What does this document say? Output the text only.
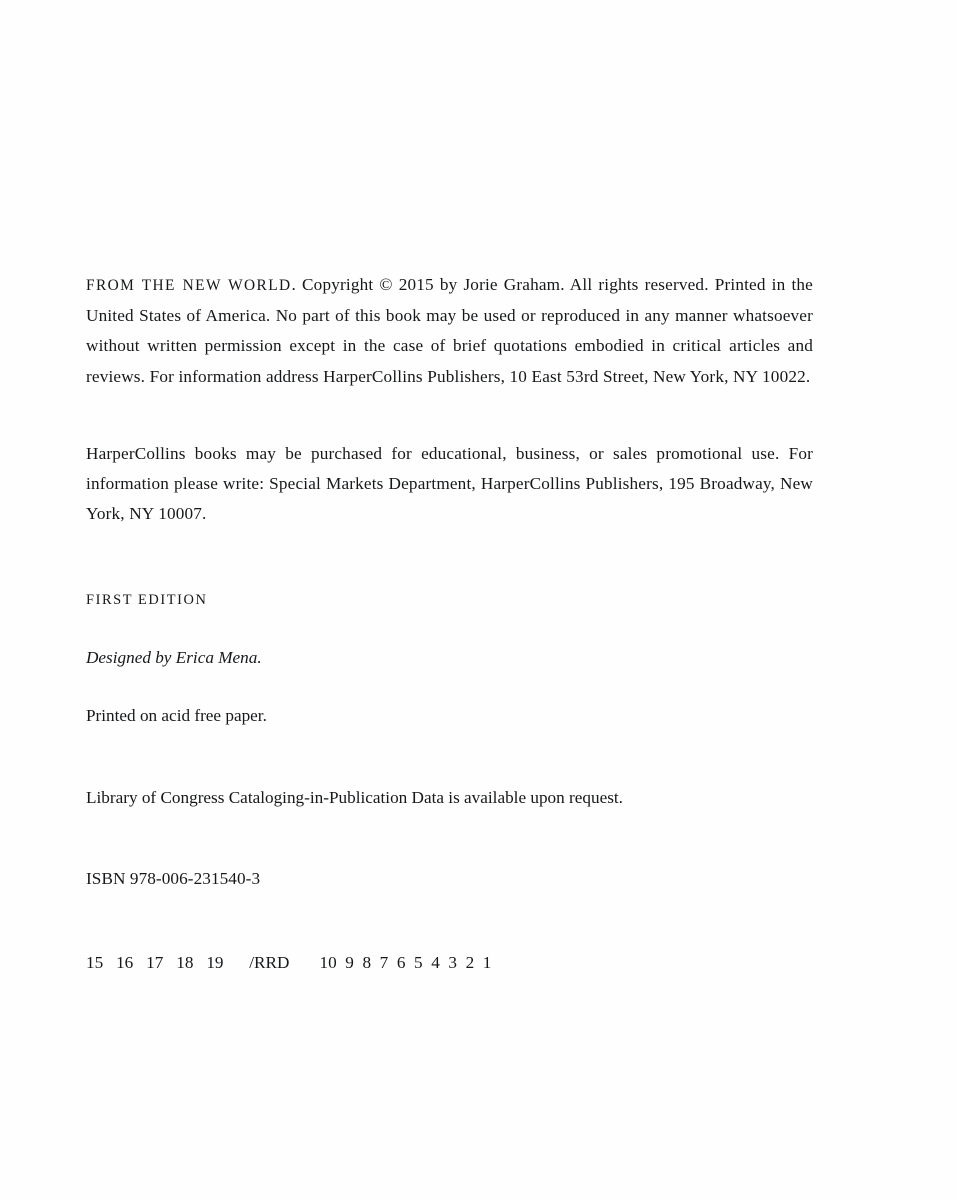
FROM THE NEW WORLD. Copyright © 2015 by Jorie Graham. All rights reserved. Printed in the United States of America. No part of this book may be used or reproduced in any manner whatsoever without written permission except in the case of brief quotations embodied in critical articles and reviews. For information address HarperCollins Publishers, 10 East 53rd Street, New York, NY 10022.

HarperCollins books may be purchased for educational, business, or sales promotional use. For information please write: Special Markets Department, HarperCollins Publishers, 195 Broadway, New York, NY 10007.

FIRST EDITION
Designed by Erica Mena.
Printed on acid free paper.
Library of Congress Cataloging-in-Publication Data is available upon request.
ISBN 978-006-231540-3
15   16   17   18   19      /RRD       10  9  8  7  6  5  4  3  2  1
